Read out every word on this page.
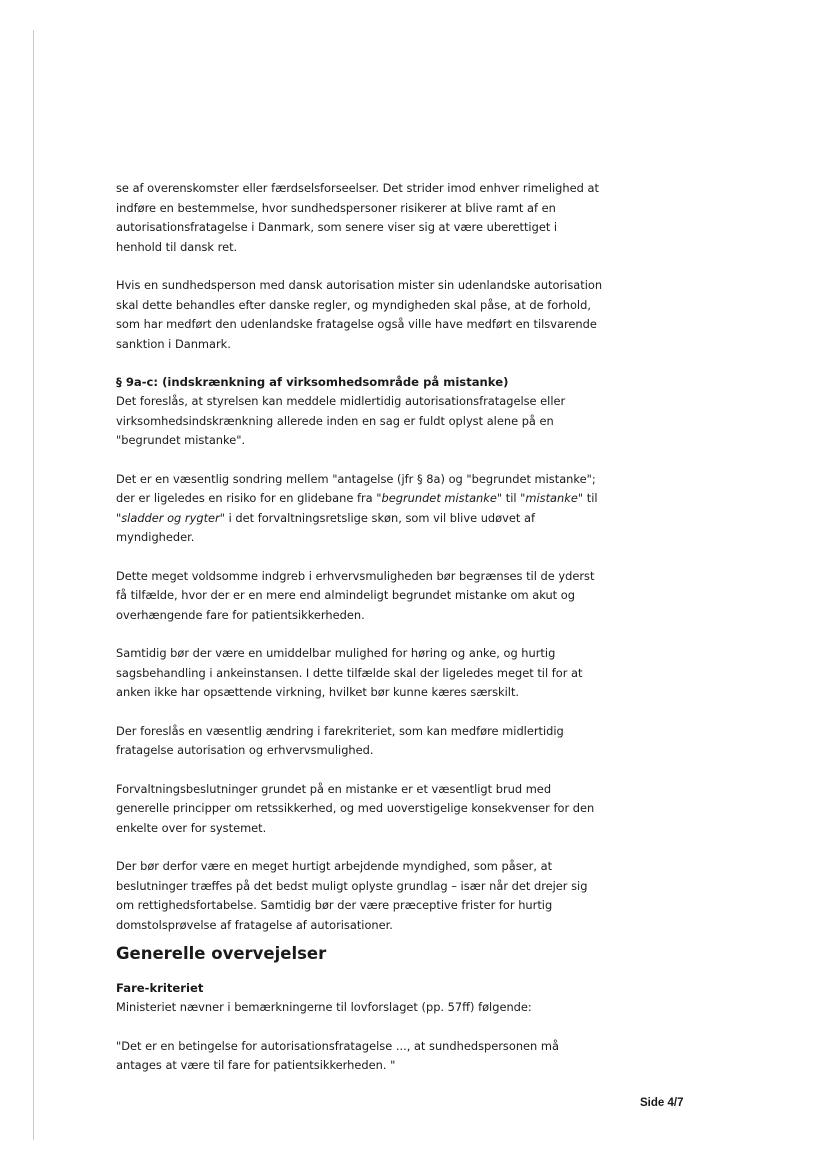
se af overenskomster eller færdselsforseelser. Det strider imod enhver rimelighed at indføre en bestemmelse, hvor sundhedspersoner risikerer at blive ramt af en autorisationsfratagelse i Danmark, som senere viser sig at være uberettiget i henhold til dansk ret.

Hvis en sundhedsperson med dansk autorisation mister sin udenlandske autorisation skal dette behandles efter danske regler, og myndigheden skal påse, at de forhold, som har medført den udenlandske fratagelse også ville have medført en tilsvarende sanktion i Danmark.

§ 9a-c: (indskrænkning af virksomhedsområde på mistanke)

Det foreslås, at styrelsen kan meddele midlertidig autorisationsfratagelse eller virksomhedsindskrænkning allerede inden en sag er fuldt oplyst alene på en "begrundet mistanke".

Det er en væsentlig sondring mellem "antagelse (jfr § 8a) og "begrundet mistanke"; der er ligeledes en risiko for en glidebane fra "begrundet mistanke" til "mistanke" til "sladder og rygter" i det forvaltningsretslige skøn, som vil blive udøvet af myndigheder.

Dette meget voldsomme indgreb i erhvervsmuligheden bør begrænses til de yderst få tilfælde, hvor der er en mere end almindeligt begrundet mistanke om akut og overhængende fare for patientsikkerheden.

Samtidig bør der være en umiddelbar mulighed for høring og anke, og hurtig sagsbehandling i ankeinstansen. I dette tilfælde skal der ligeledes meget til for at anken ikke har opsættende virkning, hvilket bør kunne kæres særskilt.

Der foreslås en væsentlig ændring i farekriteriet, som kan medføre midlertidig fratagelse autorisation og erhvervsmulighed.

Forvaltningsbeslutninger grundet på en mistanke er et væsentligt brud med generelle principper om retssikkerhed, og med uoverstigelige konsekvenser for den enkelte over for systemet.

Der bør derfor være en meget hurtigt arbejdende myndighed, som påser, at beslutninger træffes på det bedst muligt oplyste grundlag – især når det drejer sig om rettighedsfortabelse. Samtidig bør der være præceptive frister for hurtig domstolsprøvelse af fratagelse af autorisationer.

Generelle overvejelser

Fare-kriteriet

Ministeriet nævner i bemærkningerne til lovforslaget (pp. 57ff) følgende:

"Det er en betingelse for autorisationsfratagelse ..., at sundhedspersonen må antages at være til fare for patientsikkerheden. "

Side 4/7
